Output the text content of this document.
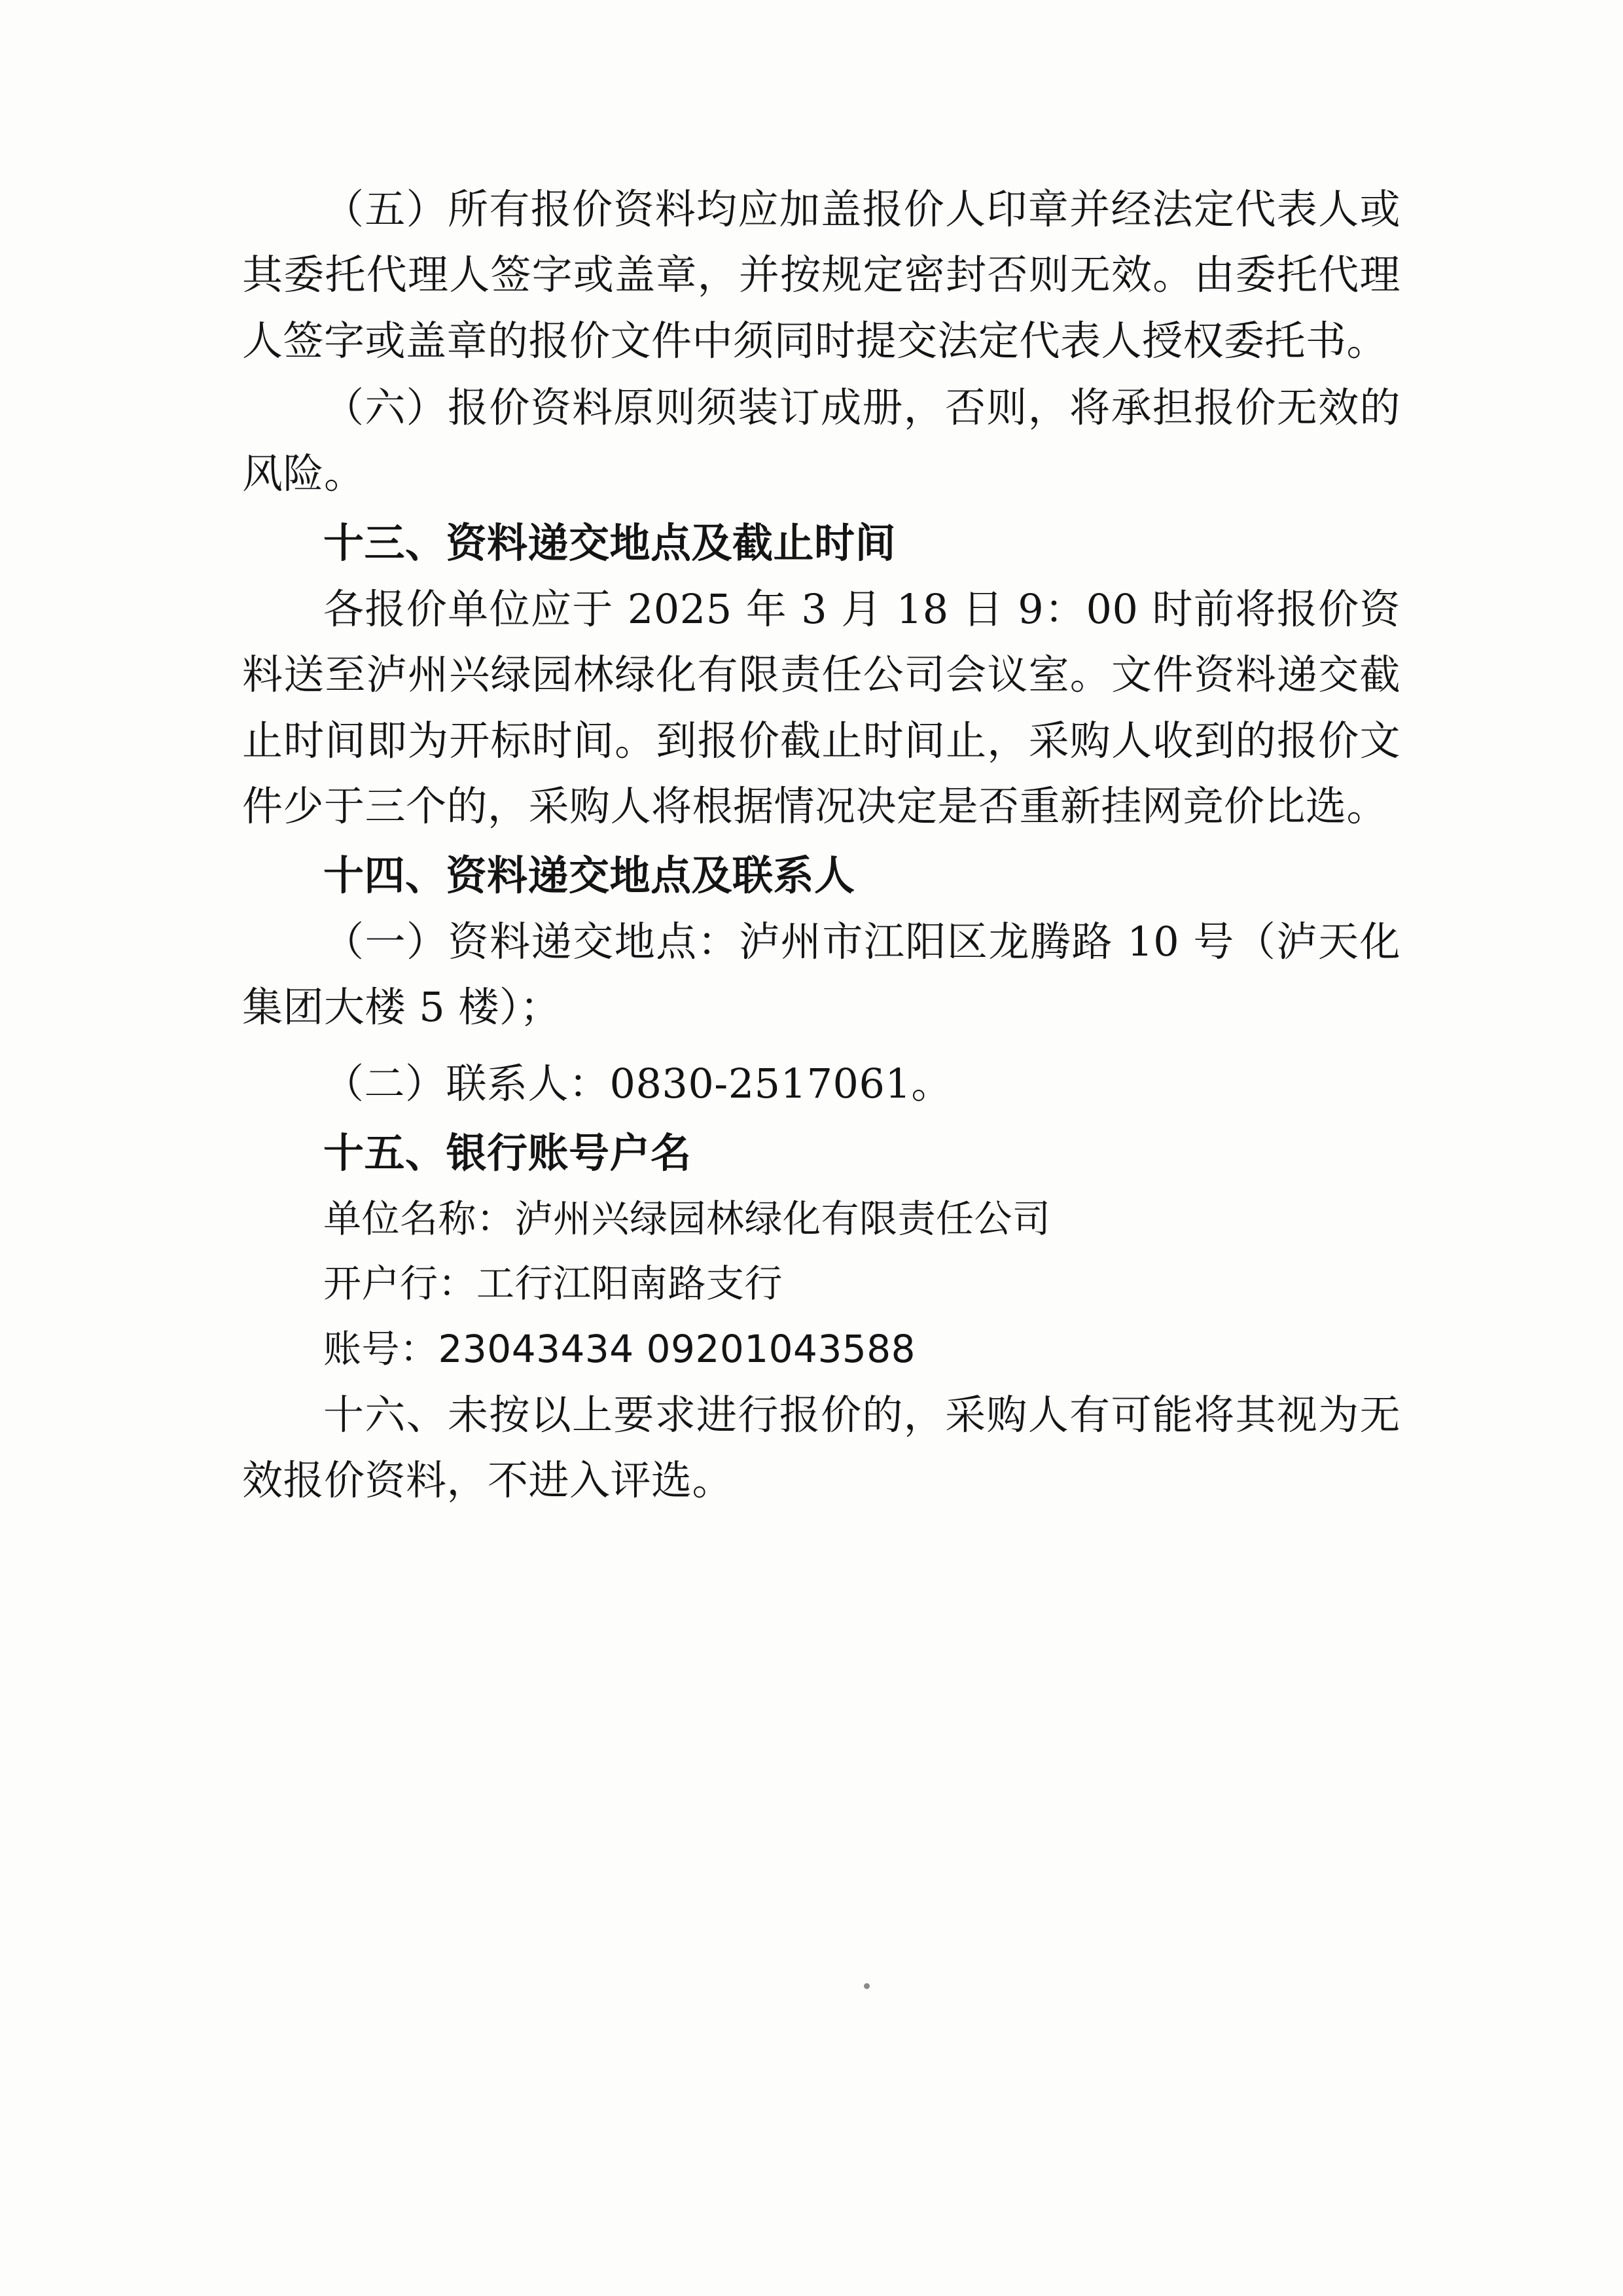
（五）所有报价资料均应加盖报价人印章并经法定代表人或其委托代理人签字或盖章，并按规定密封否则无效。由委托代理人签字或盖章的报价文件中须同时提交法定代表人授权委托书。

（六）报价资料原则须装订成册，否则，将承担报价无效的风险。

十三、资料递交地点及截止时间

各报价单位应于 2025 年 3 月 18 日 9：00 时前将报价资料送至泸州兴绿园林绿化有限责任公司会议室。文件资料递交截止时间即为开标时间。到报价截止时间止，采购人收到的报价文件少于三个的，采购人将根据情况决定是否重新挂网竞价比选。

十四、资料递交地点及联系人

（一）资料递交地点：泸州市江阳区龙腾路 10 号（泸天化集团大楼 5 楼）；

（二）联系人：0830-2517061。

十五、银行账号户名

单位名称：泸州兴绿园林绿化有限责任公司

开户行：工行江阳南路支行

账号：23043434 09201043588

十六、未按以上要求进行报价的，采购人有可能将其视为无效报价资料，不进入评选。
